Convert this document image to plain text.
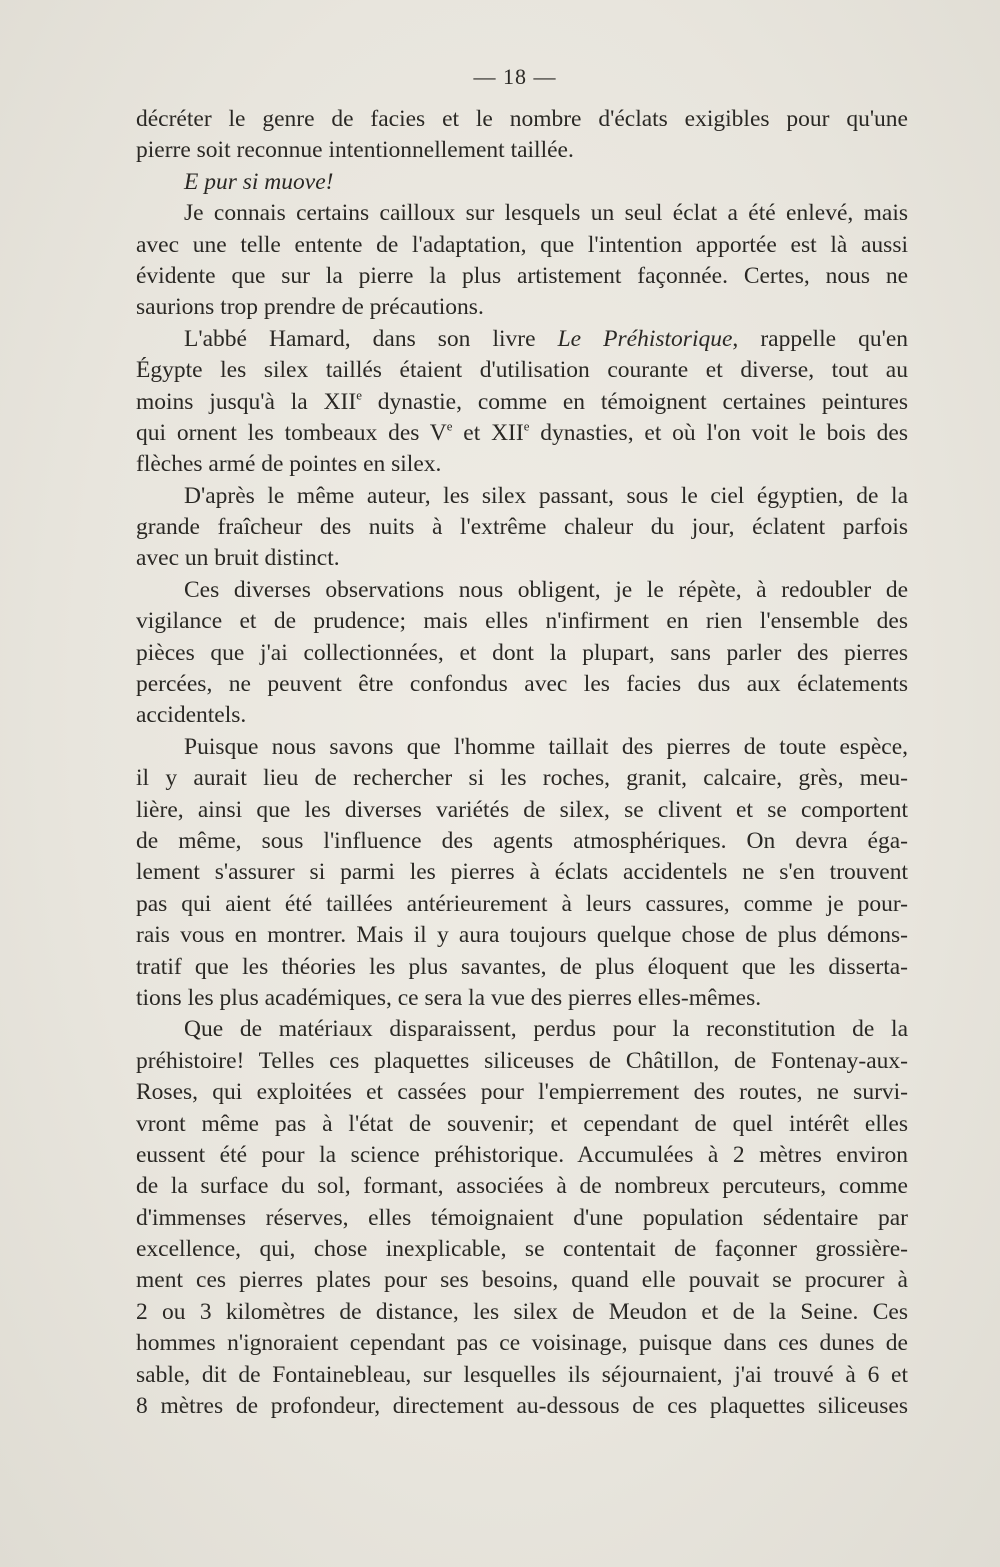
— 18 —
décréter le genre de facies et le nombre d'éclats exigibles pour qu'une
pierre soit reconnue intentionnellement taillée.
E pur si muove!
Je connais certains cailloux sur lesquels un seul éclat a été enlevé, mais
avec une telle entente de l'adaptation, que l'intention apportée est là aussi
évidente que sur la pierre la plus artistement façonnée. Certes, nous ne
saurions trop prendre de précautions.
L'abbé Hamard, dans son livre Le Préhistorique, rappelle qu'en
Égypte les silex taillés étaient d'utilisation courante et diverse, tout au
moins jusqu'à la XIIe dynastie, comme en témoignent certaines peintures
qui ornent les tombeaux des Ve et XIIe dynasties, et où l'on voit le bois des
flèches armé de pointes en silex.
D'après le même auteur, les silex passant, sous le ciel égyptien, de la
grande fraîcheur des nuits à l'extrême chaleur du jour, éclatent parfois
avec un bruit distinct.
Ces diverses observations nous obligent, je le répète, à redoubler de
vigilance et de prudence; mais elles n'infirment en rien l'ensemble des
pièces que j'ai collectionnées, et dont la plupart, sans parler des pierres
percées, ne peuvent être confondus avec les facies dus aux éclatements
accidentels.
Puisque nous savons que l'homme taillait des pierres de toute espèce,
il y aurait lieu de rechercher si les roches, granit, calcaire, grès, meu-
lière, ainsi que les diverses variétés de silex, se clivent et se comportent
de même, sous l'influence des agents atmosphériques. On devra éga-
lement s'assurer si parmi les pierres à éclats accidentels ne s'en trouvent
pas qui aient été taillées antérieurement à leurs cassures, comme je pour-
rais vous en montrer. Mais il y aura toujours quelque chose de plus démons-
tratif que les théories les plus savantes, de plus éloquent que les disserta-
tions les plus académiques, ce sera la vue des pierres elles-mêmes.
Que de matériaux disparaissent, perdus pour la reconstitution de la
préhistoire! Telles ces plaquettes siliceuses de Châtillon, de Fontenay-aux-
Roses, qui exploitées et cassées pour l'empierrement des routes, ne survi-
vront même pas à l'état de souvenir; et cependant de quel intérêt elles
eussent été pour la science préhistorique. Accumulées à 2 mètres environ
de la surface du sol, formant, associées à de nombreux percuteurs, comme
d'immenses réserves, elles témoignaient d'une population sédentaire par
excellence, qui, chose inexplicable, se contentait de façonner grossière-
ment ces pierres plates pour ses besoins, quand elle pouvait se procurer à
2 ou 3 kilomètres de distance, les silex de Meudon et de la Seine. Ces
hommes n'ignoraient cependant pas ce voisinage, puisque dans ces dunes de
sable, dit de Fontainebleau, sur lesquelles ils séjournaient, j'ai trouvé à 6 et
8 mètres de profondeur, directement au-dessous de ces plaquettes siliceuses
